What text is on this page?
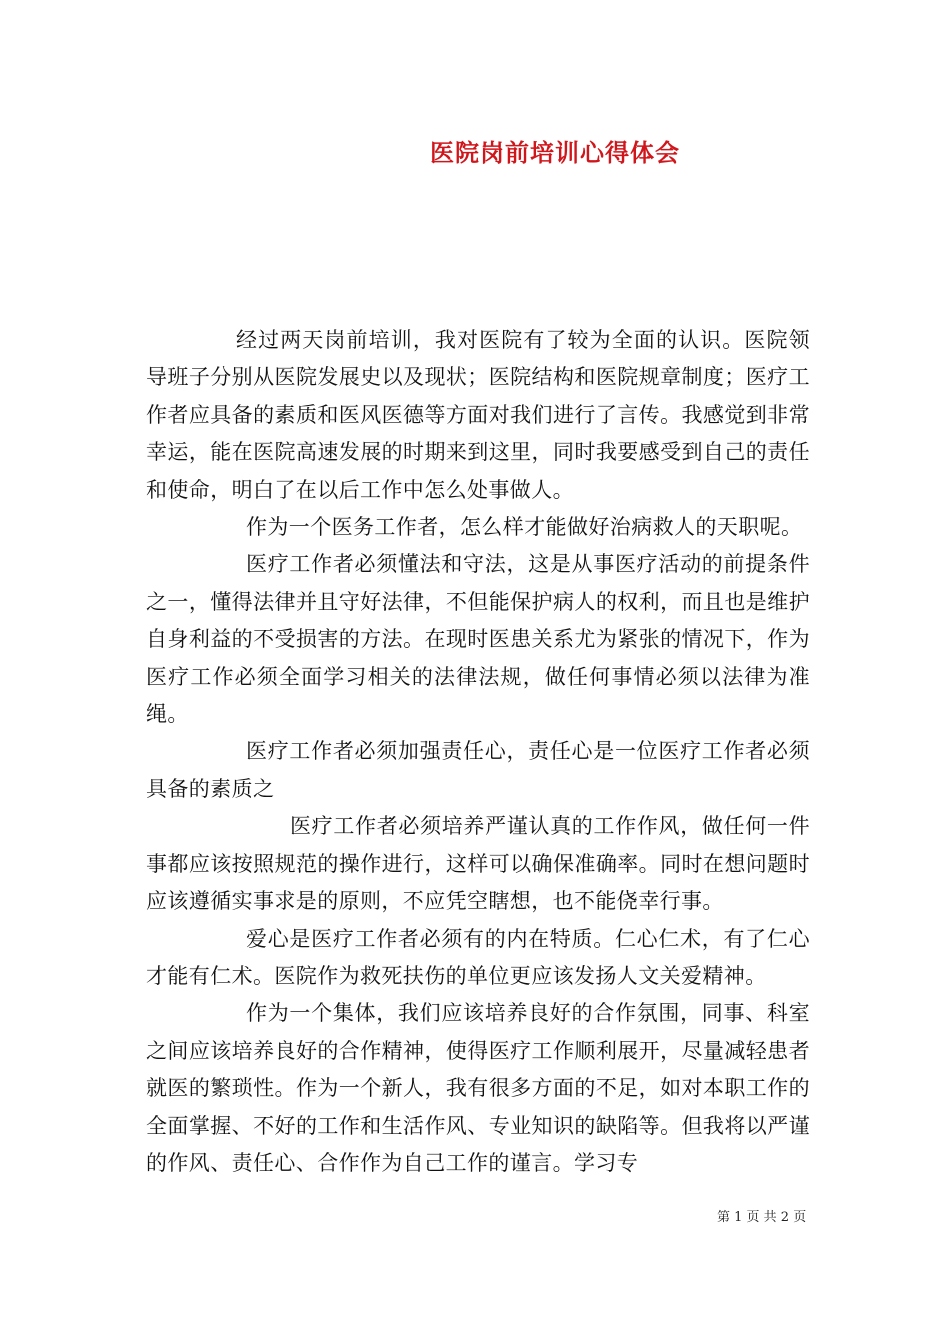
医院岗前培训心得体会

经过两天岗前培训，我对医院有了较为全面的认识。医院领导班子分别从医院发展史以及现状；医院结构和医院规章制度；医疗工作者应具备的素质和医风医德等方面对我们进行了言传。我感觉到非常幸运，能在医院高速发展的时期来到这里，同时我要感受到自己的责任和使命，明白了在以后工作中怎么处事做人。

作为一个医务工作者，怎么样才能做好治病救人的天职呢。

医疗工作者必须懂法和守法，这是从事医疗活动的前提条件之一，懂得法律并且守好法律，不但能保护病人的权利，而且也是维护自身利益的不受损害的方法。在现时医患关系尤为紧张的情况下，作为医疗工作必须全面学习相关的法律法规，做任何事情必须以法律为准绳。

医疗工作者必须加强责任心，责任心是一位医疗工作者必须具备的素质之

医疗工作者必须培养严谨认真的工作作风，做任何一件事都应该按照规范的操作进行，这样可以确保准确率。同时在想问题时应该遵循实事求是的原则，不应凭空瞎想，也不能侥幸行事。

爱心是医疗工作者必须有的内在特质。仁心仁术，有了仁心才能有仁术。医院作为救死扶伤的单位更应该发扬人文关爱精神。

作为一个集体，我们应该培养良好的合作氛围，同事、科室之间应该培养良好的合作精神，使得医疗工作顺利展开，尽量减轻患者就医的繁琐性。作为一个新人，我有很多方面的不足，如对本职工作的全面掌握、不好的工作和生活作风、专业知识的缺陷等。但我将以严谨的作风、责任心、合作作为自己工作的谨言。学习专

第 1 页 共 2 页
